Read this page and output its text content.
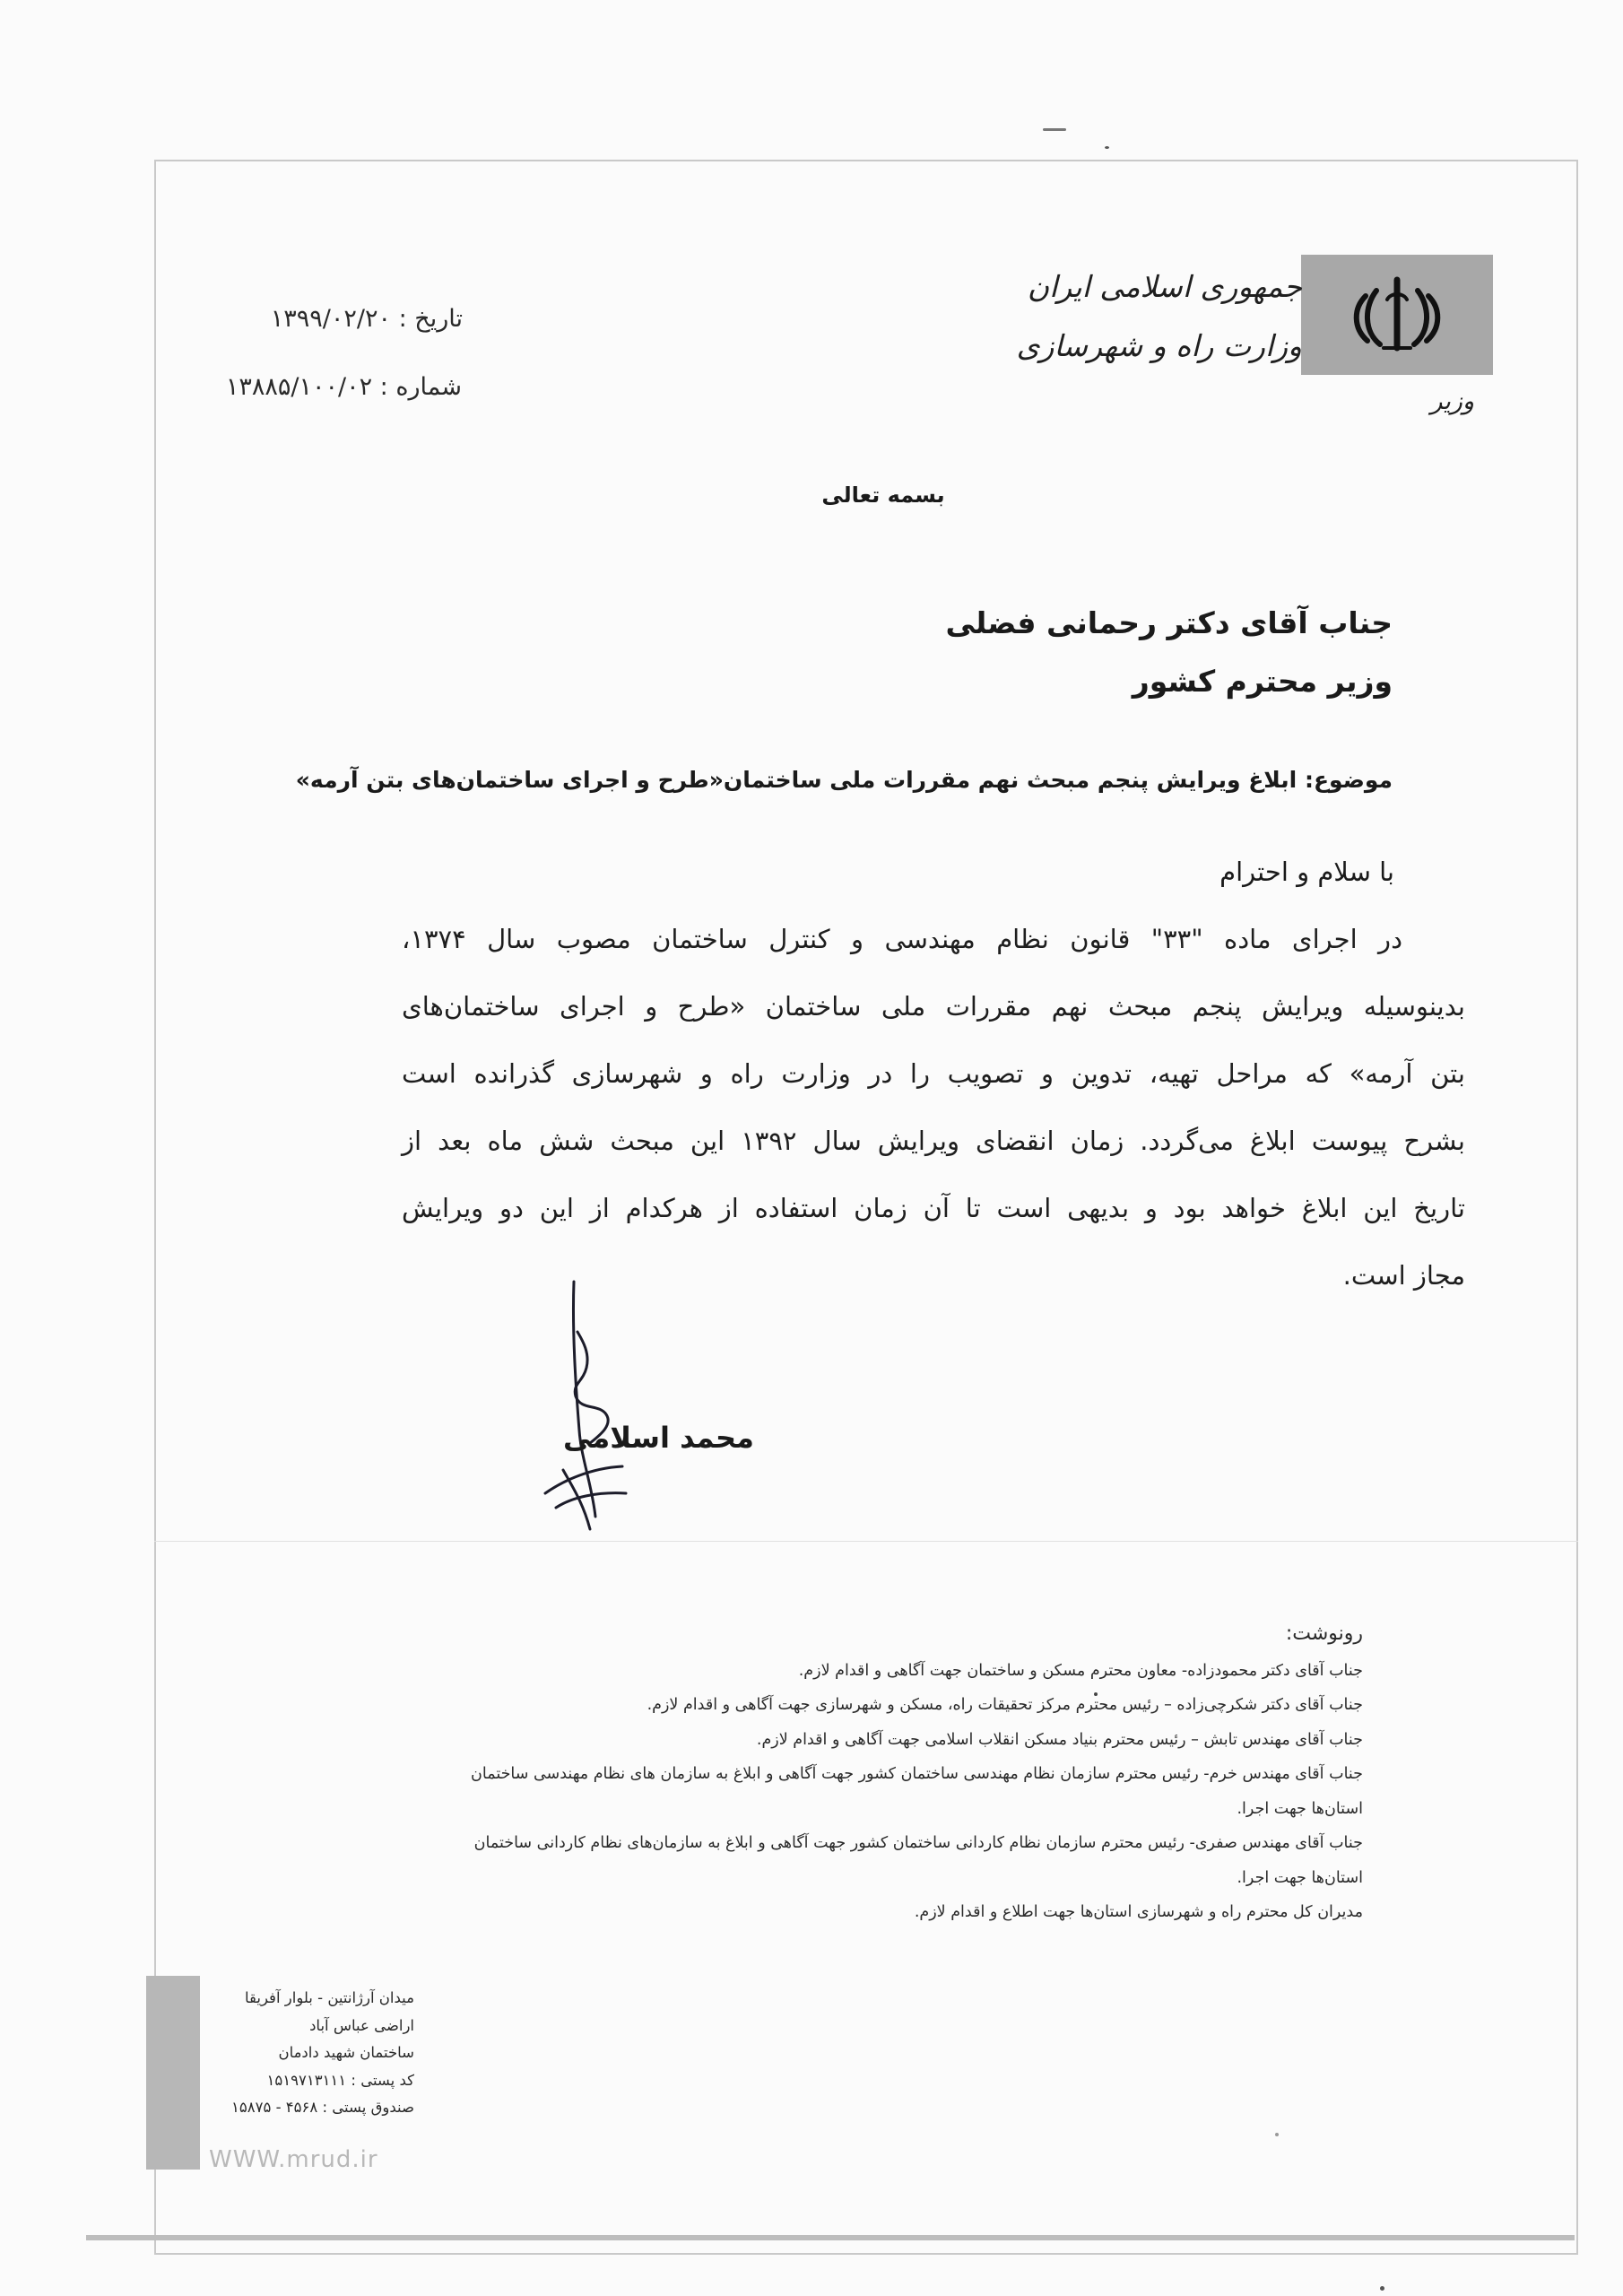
جمهوری اسلامی ایران

وزارت راه و شهرسازی

وزیر

تاریخ : ۱۳۹۹/۰۲/۲۰
شماره : ۱۳۸۸۵/۱۰۰/۰۲

بسمه تعالی

جناب آقای دکتر رحمانی فضلی

وزیر محترم کشور

موضوع: ابلاغ ویرایش پنجم مبحث نهم مقررات ملی ساختمان«طرح و اجرای ساختمان‌های بتن آرمه»

با سلام و احترام

در اجرای ماده "۳۳" قانون نظام مهندسی و کنترل ساختمان مصوب سال ۱۳۷۴،
بدینوسیله ویرایش پنجم مبحث نهم مقررات ملی ساختمان «طرح و اجرای ساختمان‌های
بتن آرمه» که مراحل تهیه، تدوین و تصویب را در وزارت راه و شهرسازی گذرانده است
بشرح پیوست ابلاغ می‌گردد. زمان انقضای ویرایش سال ۱۳۹۲ این مبحث شش ماه بعد از
تاریخ این ابلاغ خواهد بود و بدیهی است تا آن زمان استفاده از هرکدام از این دو ویرایش
مجاز است.

محمد اسلامی

رونوشت:
جناب آقای دکتر محمودزاده- معاون محترم مسکن و ساختمان جهت آگاهی و اقدام لازم.
جناب آقای دکتر شکرچی‌زاده – رئیس محترم مرکز تحقیقات راه، مسکن و شهرسازی جهت آگاهی و اقدام لازم.
جناب آقای مهندس تابش – رئیس محترم بنیاد مسکن انقلاب اسلامی جهت آگاهی و اقدام لازم.
جناب آقای مهندس خرم- رئیس محترم سازمان نظام مهندسی ساختمان کشور جهت آگاهی و ابلاغ به سازمان های نظام مهندسی ساختمان
استان‌ها جهت اجرا.
جناب آقای مهندس صفری- رئیس محترم سازمان نظام کاردانی ساختمان کشور جهت آگاهی و ابلاغ به سازمان‌های نظام کاردانی ساختمان
استان‌ها جهت اجرا.
مدیران کل محترم راه و شهرسازی استان‌ها جهت اطلاع و اقدام لازم.
میدان آرژانتین - بلوار آفریقا
اراضی عباس آباد
ساختمان شهید دادمان
کد پستی : ۱۵۱۹۷۱۳۱۱۱
صندوق پستی : ۴۵۶۸ - ۱۵۸۷۵
WWW.mrud.ir
